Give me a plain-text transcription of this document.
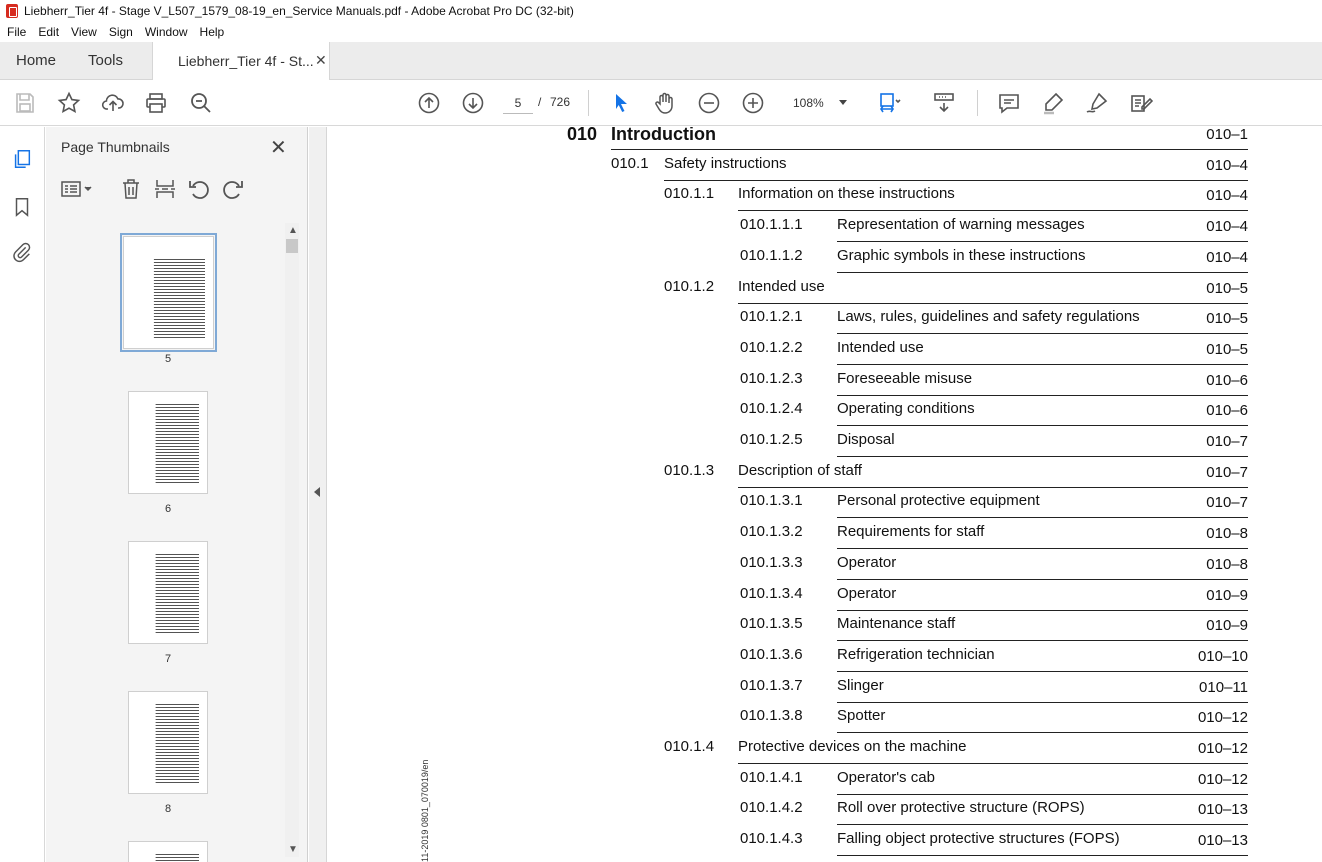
Liebherr_Tier 4f - Stage V_L507_1579_08-19_en_Service Manuals.pdf - Adobe Acrobat Pro DC (32-bit)
File Edit View Sign Window Help
Home Tools	Liebherr_Tier 4f - St... ✕
5
/ 726	108%
Page Thumbnails	✕
5
6
7
8
▲
▼	11-2019 0801_070019/en
010 Introduction	010–1
010.1 Safety instructions	010–4
010.1.1 Information on these instructions	010–4
010.1.1.1 Representation of warning messages	010–4
010.1.1.2 Graphic symbols in these instructions	010–4
010.1.2 Intended use	010–5
010.1.2.1 Laws, rules, guidelines and safety regulations	010–5
010.1.2.2 Intended use	010–5
010.1.2.3 Foreseeable misuse	010–6
010.1.2.4 Operating conditions	010–6
010.1.2.5 Disposal	010–7
010.1.3 Description of staff	010–7
010.1.3.1 Personal protective equipment	010–7
010.1.3.2 Requirements for staff	010–8
010.1.3.3 Operator	010–8
010.1.3.4 Operator	010–9
010.1.3.5 Maintenance staff	010–9
010.1.3.6 Refrigeration technician	010–10
010.1.3.7 Slinger	010–11
010.1.3.8 Spotter	010–12
010.1.4 Protective devices on the machine	010–12
010.1.4.1 Operator's cab	010–12
010.1.4.2 Roll over protective structure (ROPS)	010–13
010.1.4.3 Falling object protective structures (FOPS)	010–13
